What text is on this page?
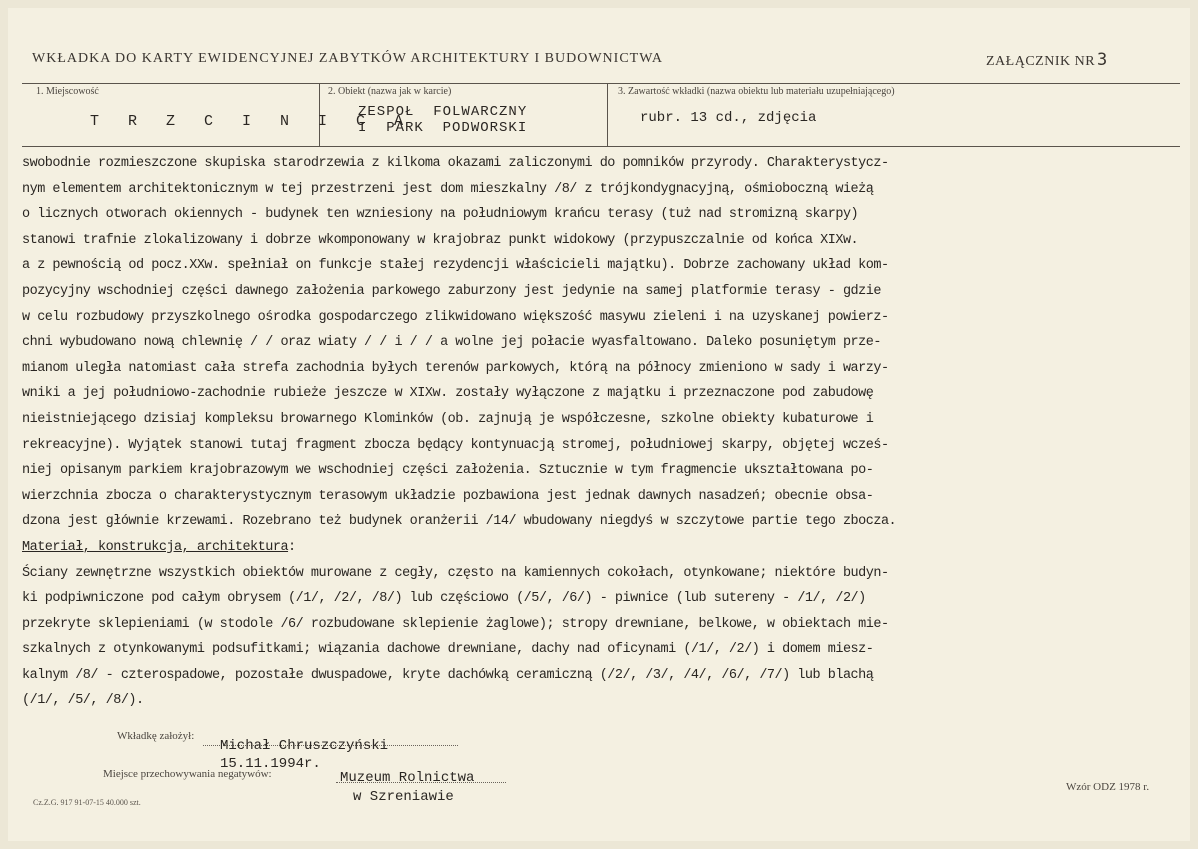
WKŁADKA DO KARTY EWIDENCYJNEJ ZABYTKÓW ARCHITEKTURY I BUDOWNICTWA	ZAŁĄCZNIK NR 3
1. Miejscowość
T R Z C I N I C A
2. Obiekt (nazwa jak w karcie)
ZESPOŁ  FOLWARCZNY
I  PARK  PODWORSKI
3. Zawartość wkładki (nazwa obiektu lub materiału uzupełniającego)
rubr. 13 cd., zdjęcia
swobodnie rozmieszczone skupiska starodrzewia z kilkoma okazami zaliczonymi do pomników przyrody. Charakterystycz-
nym elementem architektonicznym w tej przestrzeni jest dom mieszkalny /8/ z trójkondygnacyjną, ośmioboczną wieżą
o licznych otworach okiennych - budynek ten wzniesiony na południowym krańcu terasy (tuż nad stromizną skarpy)
stanowi trafnie zlokalizowany i dobrze wkomponowany w krajobraz punkt widokowy (przypuszczalnie od końca XIXw.
a z pewnością od pocz.XXw. spełniał on funkcje stałej rezydencji właścicieli majątku). Dobrze zachowany układ kom-
pozycyjny wschodniej części dawnego założenia parkowego zaburzony jest jedynie na samej platformie terasy - gdzie
w celu rozbudowy przyszkolnego ośrodka gospodarczego zlikwidowano większość masywu zieleni i na uzyskanej powierz-
chni wybudowano nową chlewnię / / oraz wiaty / / i / / a wolne jej połacie wyasfaltowano. Daleko posuniętym prze-
mianom uległa natomiast cała strefa zachodnia byłych terenów parkowych, którą na północy zmieniono w sady i warzy-
wniki a jej południowo-zachodnie rubieże jeszcze w XIXw. zostały wyłączone z majątku i przeznaczone pod zabudowę
nieistniejącego dzisiaj kompleksu browarnego Klominków (ob. zajnują je współczesne, szkolne obiekty kubaturowe i
rekreacyjne). Wyjątek stanowi tutaj fragment zbocza będący kontynuacją stromej, południowej skarpy, objętej wcześ-
niej opisanym parkiem krajobrazowym we wschodniej części założenia. Sztucznie w tym fragmencie ukształtowana po-
wierzchnia zbocza o charakterystycznym terasowym układzie pozbawiona jest jednak dawnych nasadzeń; obecnie obsa-
dzona jest głównie krzewami. Rozebrano też budynek oranżerii /14/ wbudowany niegdyś w szczytowe partie tego zbocza.
Materiał, konstrukcja, architektura:
Ściany zewnętrzne wszystkich obiektów murowane z cegły, często na kamiennych cokołach, otynkowane; niektóre budyn-
ki podpiwniczone pod całym obrysem (/1/, /2/, /8/) lub częściowo (/5/, /6/) - piwnice (lub sutereny - /1/, /2/)
przekryte sklepieniami (w stodole /6/ rozbudowane sklepienie żaglowe); stropy drewniane, belkowe, w obiektach mie-
szkalnych z otynkowanymi podsufitkami; wiązania dachowe drewniane, dachy nad oficynami (/1/, /2/) i domem miesz-
kalnym /8/ - czterospadowe, pozostałe dwuspadowe, kryte dachówką ceramiczną (/2/, /3/, /4/, /6/, /7/) lub blachą
(/1/, /5/, /8/).
Wkładkę założył:
Michał Chruszczyński
15.11.1994r.
Miejsce przechowywania negatywów:	Muzeum Rolnictwa
w Szreniawie
Cz.Z.G. 917 91-07-15 40.000 szt.
Wzór ODZ 1978 r.
